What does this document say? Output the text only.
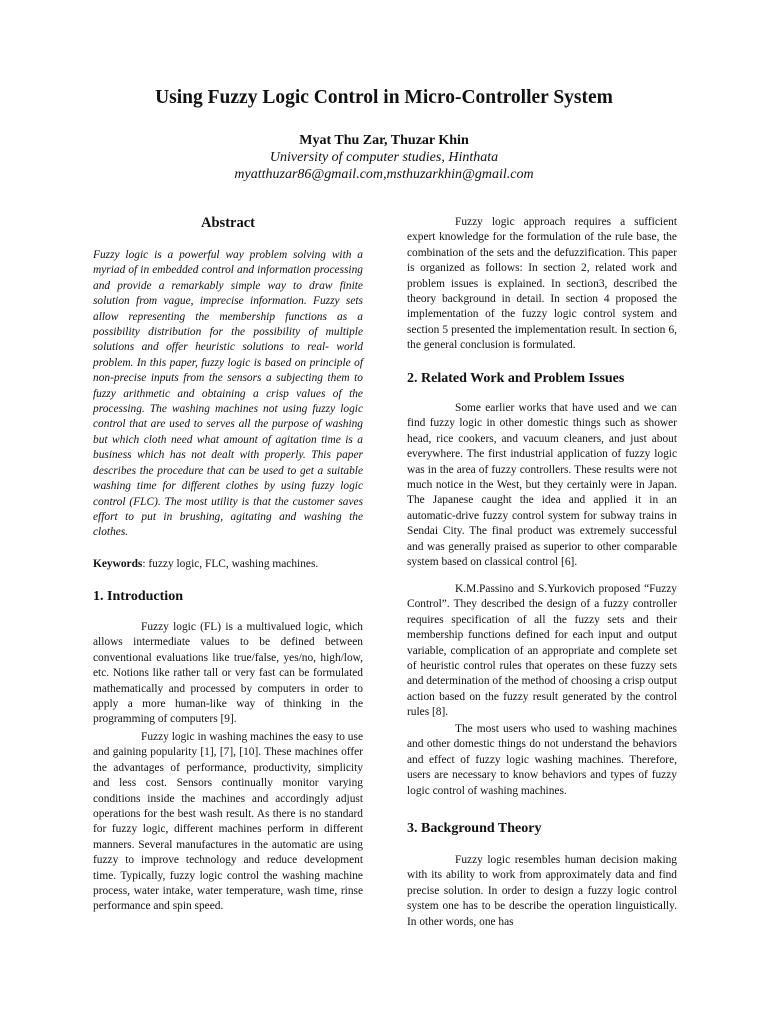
Using Fuzzy Logic Control in Micro-Controller System
Myat Thu Zar, Thuzar Khin
University of computer studies, Hinthata
myatthuzar86@gmail.com,msthuzarkhin@gmail.com
Abstract

Fuzzy logic is a powerful way problem solving with a myriad of in embedded control and information processing and provide a remarkably simple way to draw finite solution from vague, imprecise information. Fuzzy sets allow representing the membership functions as a possibility distribution for the possibility of multiple solutions and offer heuristic solutions to real- world problem. In this paper, fuzzy logic is based on principle of non-precise inputs from the sensors a subjecting them to fuzzy arithmetic and obtaining a crisp values of the processing. The washing machines not using fuzzy logic control that are used to serves all the purpose of washing but which cloth need what amount of agitation time is a business which has not dealt with properly. This paper describes the procedure that can be used to get a suitable washing time for different clothes by using fuzzy logic control (FLC). The most utility is that the customer saves effort to put in brushing, agitating and washing the clothes.

Keywords: fuzzy logic, FLC, washing machines.

1. Introduction

Fuzzy logic (FL) is a multivalued logic, which allows intermediate values to be defined between conventional evaluations like true/false, yes/no, high/low, etc. Notions like rather tall or very fast can be formulated mathematically and processed by computers in order to apply a more human-like way of thinking in the programming of computers [9].

Fuzzy logic in washing machines the easy to use and gaining popularity [1], [7], [10]. These machines offer the advantages of performance, productivity, simplicity and less cost. Sensors continually monitor varying conditions inside the machines and accordingly adjust operations for the best wash result. As there is no standard for fuzzy logic, different machines perform in different manners. Several manufactures in the automatic are using fuzzy to improve technology and reduce development time. Typically, fuzzy logic control the washing machine process, water intake, water temperature, wash time, rinse performance and spin speed.

Fuzzy logic approach requires a sufficient expert knowledge for the formulation of the rule base, the combination of the sets and the defuzzification. This paper is organized as follows: In section 2, related work and problem issues is explained. In section3, described the theory background in detail. In section 4 proposed the implementation of the fuzzy logic control system and section 5 presented the implementation result. In section 6, the general conclusion is formulated.

2. Related Work and Problem Issues

Some earlier works that have used and we can find fuzzy logic in other domestic things such as shower head, rice cookers, and vacuum cleaners, and just about everywhere. The first industrial application of fuzzy logic was in the area of fuzzy controllers. These results were not much notice in the West, but they certainly were in Japan. The Japanese caught the idea and applied it in an automatic-drive fuzzy control system for subway trains in Sendai City. The final product was extremely successful and was generally praised as superior to other comparable system based on classical control [6].

K.M.Passino and S.Yurkovich proposed “Fuzzy Control”. They described the design of a fuzzy controller requires specification of all the fuzzy sets and their membership functions defined for each input and output variable, complication of an appropriate and complete set of heuristic control rules that operates on these fuzzy sets and determination of the method of choosing a crisp output action based on the fuzzy result generated by the control rules [8].

The most users who used to washing machines and other domestic things do not understand the behaviors and effect of fuzzy logic washing machines. Therefore, users are necessary to know behaviors and types of fuzzy logic control of washing machines.

3. Background Theory

Fuzzy logic resembles human decision making with its ability to work from approximately data and find precise solution. In order to design a fuzzy logic control system one has to be describe the operation linguistically. In other words, one has
